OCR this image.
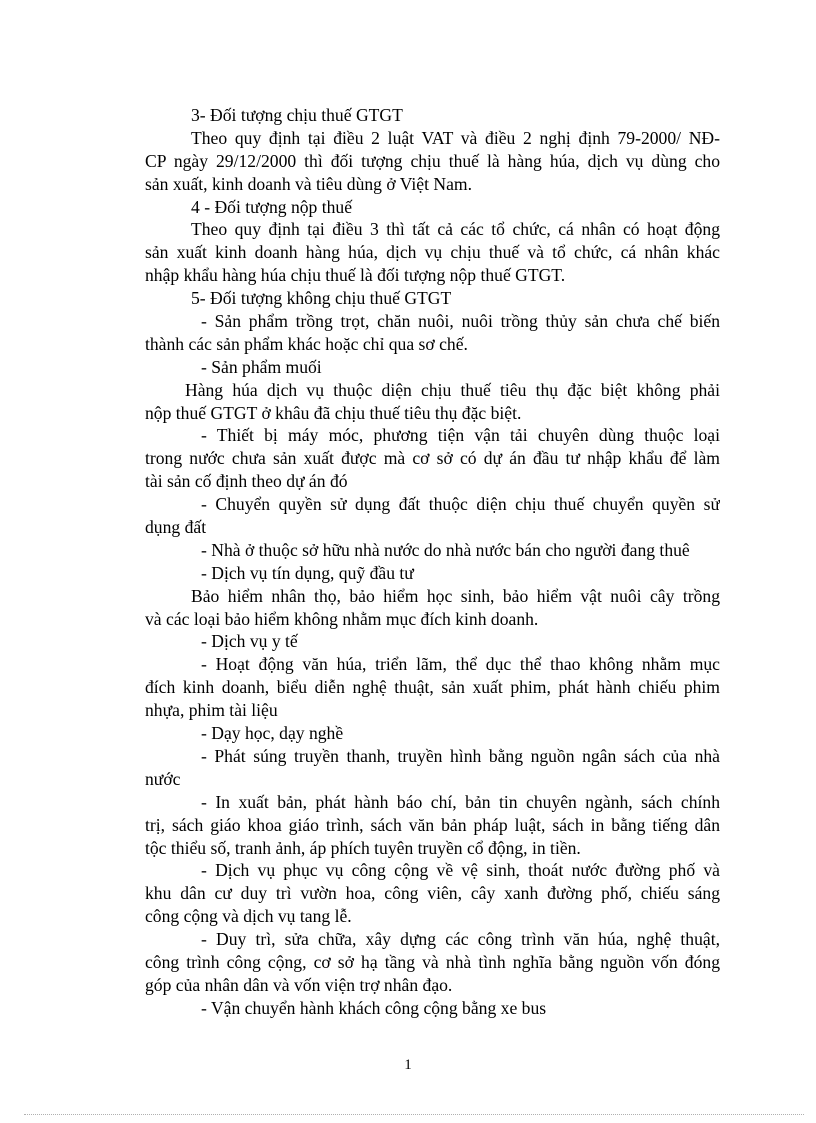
3- Đối tượng chịu thuế GTGT
Theo quy định tại điều 2 luật VAT và điều 2 nghị định 79-2000/ NĐ-
CP ngày 29/12/2000 thì đối tượng chịu thuế là hàng húa, dịch vụ dùng cho
sản xuất, kinh doanh và tiêu dùng ở Việt Nam.
4 - Đối tượng nộp thuế
Theo quy định tại điều 3 thì tất cả các tổ chức, cá nhân có hoạt động
sản xuất kinh doanh hàng húa, dịch vụ chịu thuế và tổ chức, cá nhân khác
nhập khẩu hàng húa chịu thuế là đối tượng nộp thuế GTGT.
5- Đối tượng không chịu thuế GTGT
- Sản phẩm trồng trọt, chăn nuôi, nuôi trồng thủy sản chưa chế biến
thành các sản phẩm khác hoặc chỉ qua sơ chế.
- Sản phẩm muối
Hàng húa dịch vụ thuộc diện chịu thuế tiêu thụ đặc biệt không phải
nộp thuế GTGT ở khâu đã chịu thuế tiêu thụ đặc biệt.
- Thiết bị máy móc, phương tiện vận tải chuyên dùng thuộc loại
trong nước chưa sản xuất được mà cơ sở có dự án đầu tư nhập khẩu để làm
tài sản cố định theo dự án đó
- Chuyển quyền sử dụng đất thuộc diện chịu thuế chuyển quyền sử
dụng đất
- Nhà ở thuộc sở hữu nhà nước do nhà nước bán cho người đang thuê
- Dịch vụ tín dụng, quỹ đầu tư
Bảo hiểm nhân thọ, bảo hiểm học sinh, bảo hiểm vật nuôi cây trồng
và các loại bảo hiểm không nhằm mục đích kinh doanh.
- Dịch vụ y tế
- Hoạt động văn húa, triển lãm, thể dục thể thao không nhằm mục
đích kinh doanh, biểu diễn nghệ thuật, sản xuất phim, phát hành chiếu phim
nhựa, phim tài liệu
- Dạy học, dạy nghề
- Phát súng truyền thanh, truyền hình bằng nguồn ngân sách của nhà
nước
- In xuất bản, phát hành báo chí, bản tin chuyên ngành, sách chính
trị, sách giáo khoa giáo trình, sách văn bản pháp luật, sách in bằng tiếng dân
tộc thiểu số, tranh ảnh, áp phích tuyên truyền cổ động, in tiền.
- Dịch vụ phục vụ công cộng về vệ sinh, thoát nước đường phố và
khu dân cư duy trì vườn hoa, công viên, cây xanh đường phố, chiếu sáng
công cộng và dịch vụ tang lễ.
- Duy trì, sửa chữa, xây dựng các công trình văn húa, nghệ thuật,
công trình công cộng, cơ sở hạ tầng và nhà tình nghĩa bằng nguồn vốn đóng
góp của nhân dân và vốn viện trợ nhân đạo.
- Vận chuyển hành khách công cộng bằng xe bus
1
